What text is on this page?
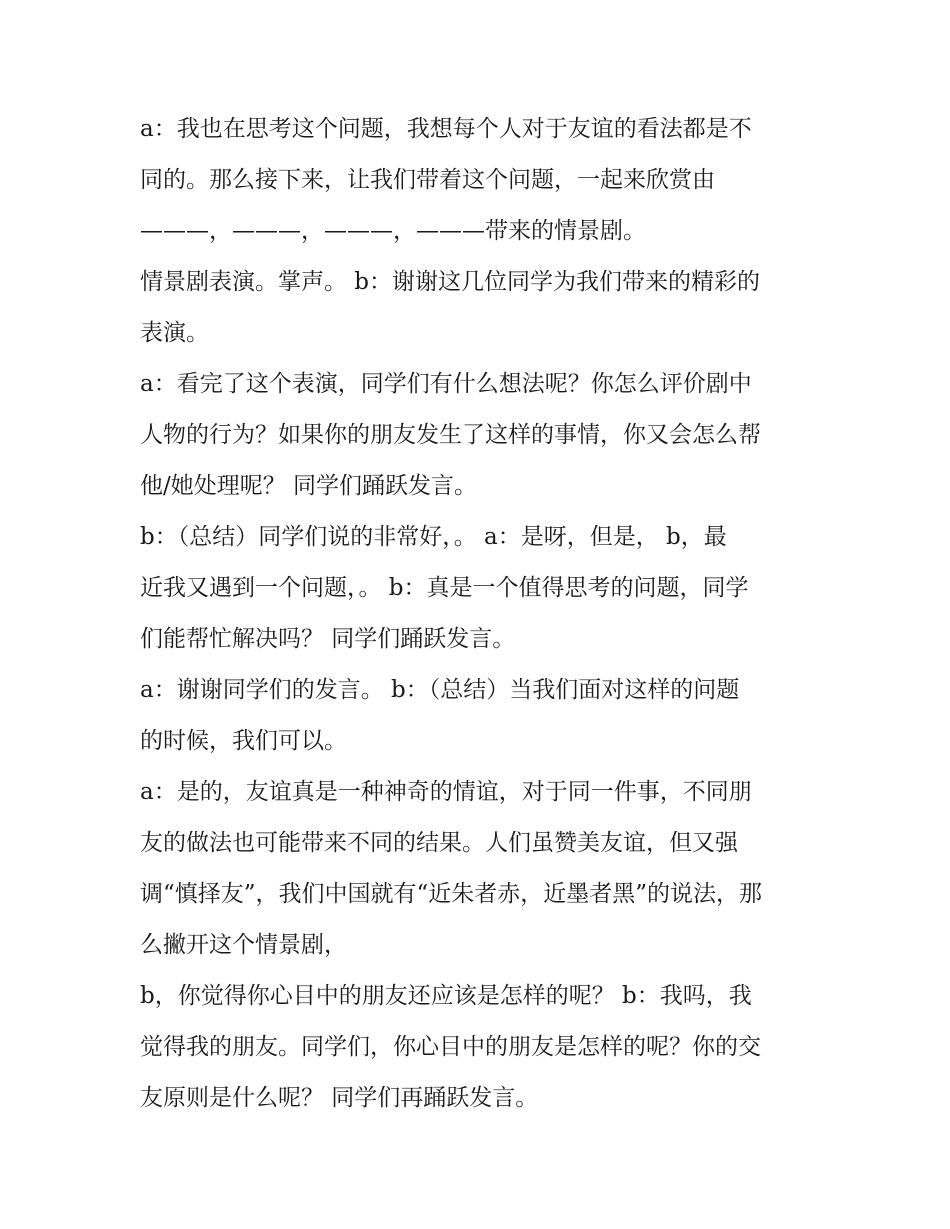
a：我也在思考这个问题，我想每个人对于友谊的看法都是不
同的。那么接下来，让我们带着这个问题，一起来欣赏由
———，———，———，———带来的情景剧。
情景剧表演。掌声。 b：谢谢这几位同学为我们带来的精彩的
表演。
a：看完了这个表演，同学们有什么想法呢？你怎么评价剧中
人物的行为？如果你的朋友发生了这样的事情，你又会怎么帮
他/她处理呢？ 同学们踊跃发言。
b：（总结）同学们说的非常好，。 a：是呀，但是， b，最
近我又遇到一个问题，。 b：真是一个值得思考的问题，同学
们能帮忙解决吗？ 同学们踊跃发言。
a：谢谢同学们的发言。 b：（总结）当我们面对这样的问题
的时候，我们可以。
a：是的，友谊真是一种神奇的情谊，对于同一件事，不同朋
友的做法也可能带来不同的结果。人们虽赞美友谊，但又强
调“慎择友”，我们中国就有“近朱者赤，近墨者黑”的说法，那
么撇开这个情景剧，
b，你觉得你心目中的朋友还应该是怎样的呢？ b：我吗，我
觉得我的朋友。同学们，你心目中的朋友是怎样的呢？你的交
友原则是什么呢？ 同学们再踊跃发言。
